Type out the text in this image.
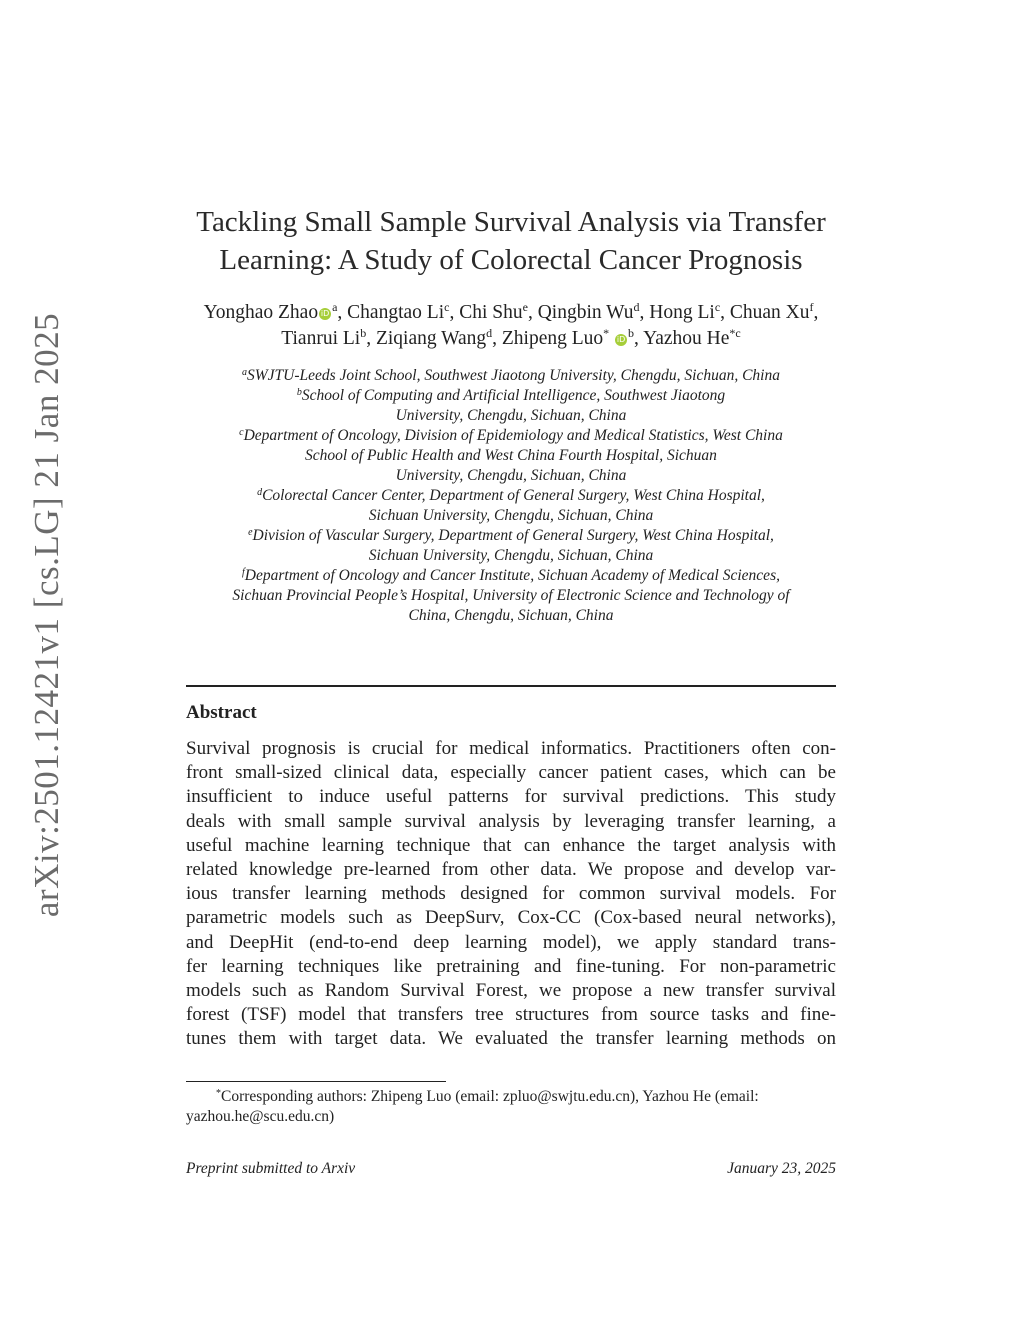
arXiv:2501.12421v1 [cs.LG] 21 Jan 2025
Tackling Small Sample Survival Analysis via Transfer
Learning: A Study of Colorectal Cancer Prognosis
Yonghao Zhao iD $^a$, Changtao Li$^c$, Chi Shu$^e$, Qingbin Wu$^d$, Hong Li$^c$, Chuan Xu$^f$, Tianrui Li$^b$, Ziqiang Wang$^d$, Zhipeng Luo* iD $^b$, Yazhou He$^{*c}$
$^a$SWJTU-Leeds Joint School, Southwest Jiaotong University, Chengdu, Sichuan, China
$^b$School of Computing and Artificial Intelligence, Southwest Jiaotong
University, Chengdu, Sichuan, China
$^c$Department of Oncology, Division of Epidemiology and Medical Statistics, West China
School of Public Health and West China Fourth Hospital, Sichuan
University, Chengdu, Sichuan, China
$^d$Colorectal Cancer Center, Department of General Surgery, West China Hospital,
Sichuan University, Chengdu, Sichuan, China
$^e$Division of Vascular Surgery, Department of General Surgery, West China Hospital,
Sichuan University, Chengdu, Sichuan, China
$^f$Department of Oncology and Cancer Institute, Sichuan Academy of Medical Sciences,
Sichuan Provincial People’s Hospital, University of Electronic Science and Technology of
China, Chengdu, Sichuan, China
Abstract
Survival prognosis is crucial for medical informatics. Practitioners often con-
front small-sized clinical data, especially cancer patient cases, which can be
insufficient to induce useful patterns for survival predictions. This study
deals with small sample survival analysis by leveraging transfer learning, a
useful machine learning technique that can enhance the target analysis with
related knowledge pre-learned from other data. We propose and develop var-
ious transfer learning methods designed for common survival models. For
parametric models such as DeepSurv, Cox-CC (Cox-based neural networks),
and DeepHit (end-to-end deep learning model), we apply standard trans-
fer learning techniques like pretraining and fine-tuning. For non-parametric
models such as Random Survival Forest, we propose a new transfer survival
forest (TSF) model that transfers tree structures from source tasks and fine-
tunes them with target data. We evaluated the transfer learning methods on
*Corresponding authors: Zhipeng Luo (email: zpluo@swjtu.edu.cn), Yazhou He (email:
yazhou.he@scu.edu.cn)
Preprint submitted to Arxiv	January 23, 2025
